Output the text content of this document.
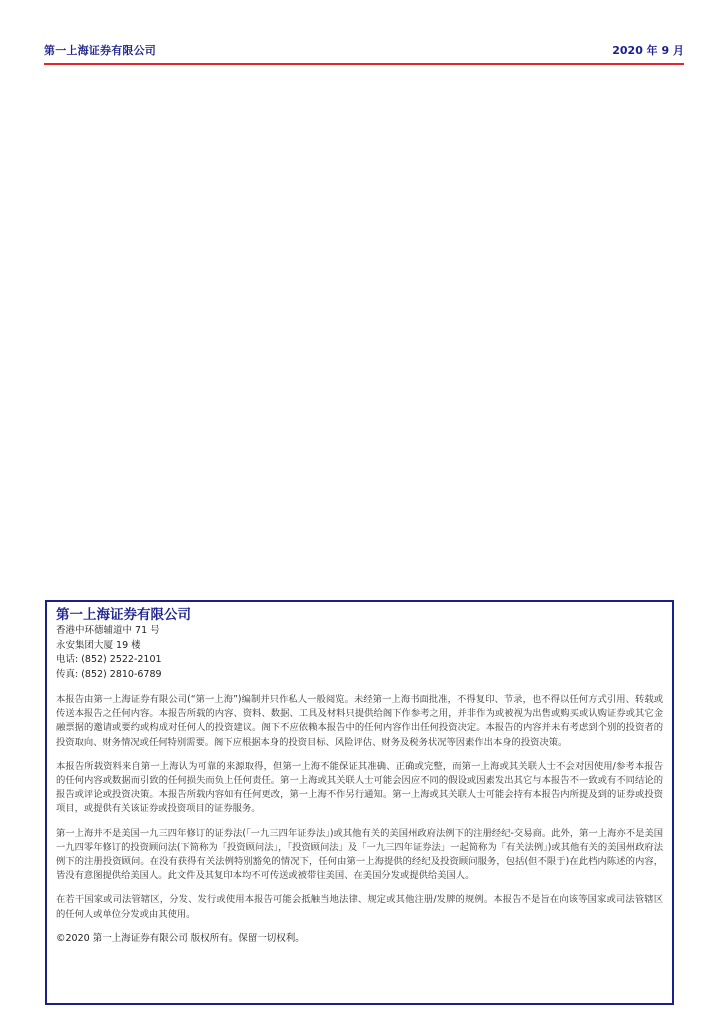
第一上海证券有限公司	2020 年 9 月
第一上海证券有限公司
香港中环德辅道中 71 号
永安集团大厦 19 楼
电话: (852) 2522-2101
传真: (852) 2810-6789

本报告由第一上海证券有限公司(“第一上海”)编制并只作私人一般阅览。未经第一上海书面批准，不得复印、节录，也不得以任何方式引用、转载或传送本报告之任何内容。本报告所载的内容、资料、数据、工具及材料只提供给阁下作参考之用，并非作为或被视为出售或购买或认购证券或其它金融票据的邀请或要约或构成对任何人的投资建议。阁下不应依赖本报告中的任何内容作出任何投资决定。本报告的内容并未有考虑到个别的投资者的投资取向、财务情况或任何特别需要。阁下应根据本身的投资目标、风险评估、财务及税务状况等因素作出本身的投资决策。

本报告所载资料来自第一上海认为可靠的来源取得，但第一上海不能保证其准确、正确或完整，而第一上海或其关联人士不会对因使用/参考本报告的任何内容或数据而引致的任何损失而负上任何责任。第一上海或其关联人士可能会因应不同的假设或因素发出其它与本报告不一致或有不同结论的报告或评论或投资决策。本报告所载内容如有任何更改，第一上海不作另行通知。第一上海或其关联人士可能会持有本报告内所提及到的证券或投资项目，或提供有关该证券或投资项目的证券服务。

第一上海并不是美国一九三四年修订的证券法(「一九三四年证券法」)或其他有关的美国州政府法例下的注册经纪-交易商。此外，第一上海亦不是美国一九四零年修订的投资顾问法(下简称为「投资顾问法」，「投资顾问法」及「一九三四年证券法」一起简称为「有关法例」)或其他有关的美国州政府法例下的注册投资顾问。在没有获得有关法例特别豁免的情况下，任何由第一上海提供的经纪及投资顾问服务，包括(但不限于)在此档内陈述的内容，皆没有意图提供给美国人。此文件及其复印本均不可传送或被带往美国、在美国分发或提供给美国人。

在若干国家或司法管辖区，分发、发行或使用本报告可能会抵触当地法律、规定或其他注册/发牌的规例。本报告不是旨在向该等国家或司法管辖区的任何人或单位分发或由其使用。

©2020 第一上海证券有限公司 版权所有。保留一切权利。
